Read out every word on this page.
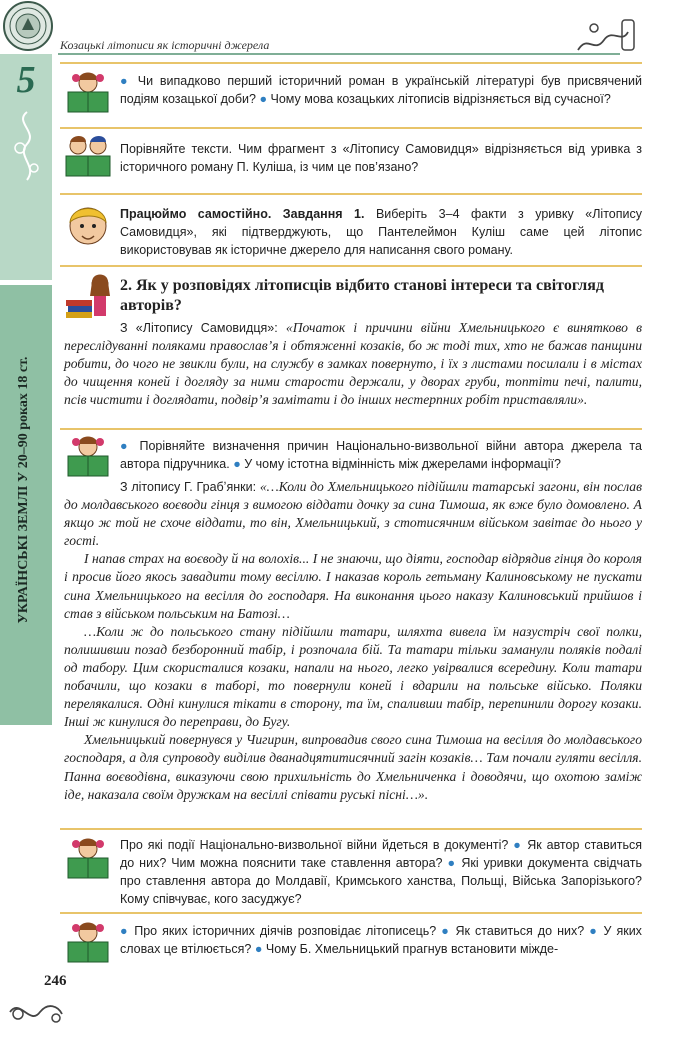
5
УКРАЇНСЬКІ ЗЕМЛІ У 20–90 роках 18 ст.
246
Козацькі літописи як історичні джерела
● Чи випадково перший історичний роман в українській літературі був присвячений подіям козацької доби? ● Чому мова козацьких літописів відрізняється від сучасної?
Порівняйте тексти. Чим фрагмент з «Літопису Самовидця» відрізняється від уривка з історичного роману П. Куліша, із чим це пов’язано?
Працюймо самостійно. Завдання 1. Виберіть 3–4 факти з уривку «Літопису Самовидця», які підтверджують, що Пантелеймон Куліш саме цей літопис використовував як історичне джерело для написання свого роману.
2. Як у розповідях літописців відбито станові інтереси та світогляд авторів?
З «Літопису Самовидця»: «Початок і причини війни Хмельницького є винятково в переслідуванні поляками православ’я і обтяженні козаків, бо ж тоді тих, хто не бажав панщини робити, до чого не звикли були, на службу в замках повернуто, і їх з листами посилали і в містах до чищення коней і догляду за ними старости держали, у дворах груби, топтіти печі, палити, псів чистити і доглядати, подвір’я замітати і до інших нестерпних робіт приставляли».
● Порівняйте визначення причин Національно-визвольної війни автора джерела та автора підручника. ● У чому істотна відмінність між джерелами інформації?
З літопису Г. Грабʼянки: «…Коли до Хмельницького підійшли татарські загони, він послав до молдавського воєводи гінця з вимогою віддати дочку за сина Тимоша, як вже було домовлено. А якщо ж той не схоче віддати, то він, Хмельницький, з стотисячним військом завітає до нього у гості.
І напав страх на воєводу й на волохів... І не знаючи, що діяти, господар відрядив гінця до короля і просив його якось завадити тому весіллю. І наказав король гетьману Калиновському не пускати сина Хмельницького на весілля до господаря. На виконання цього наказу Калиновський прийшов і став з військом польським на Батозі…
…Коли ж до польського стану підійшли татари, шляхта вивела їм назустріч свої полки, полишивши позад безборонний табір, і розпочала бій. Та татари тільки заманули поляків подалі од табору. Цим скористалися козаки, напали на нього, легко увірвалися всередину. Коли татари побачили, що козаки в таборі, то повернули коней і вдарили на польське військо. Поляки перелякалися. Одні кинулися тікати в сторону, та їм, спаливши табір, перепинили дорогу козаки. Інші ж кинулися до переправи, до Бугу.
Хмельницький повернувся у Чигирин, випровадив свого сина Тимоша на весілля до молдавського господаря, а для супроводу виділив дванадцятитисячний загін козаків… Там почали гуляти весілля. Панна воєводівна, виказуючи свою прихильність до Хмельниченка і доводячи, що охотою заміж іде, наказала своїм дружкам на весіллі співати руські пісні…».
Про які події Національно-визвольної війни йдеться в документі? ● Як автор ставиться до них? Чим можна пояснити таке ставлення автора? ● Які уривки документа свідчать про ставлення автора до Молдавії, Кримського ханства, Польщі, Війська Запорізького? Кому співчуває, кого засуджує?
● Про яких історичних діячів розповідає літописець? ● Як ставиться до них? ● У яких словах це втілюється? ● Чому Б. Хмельницький прагнув встановити міжде-
